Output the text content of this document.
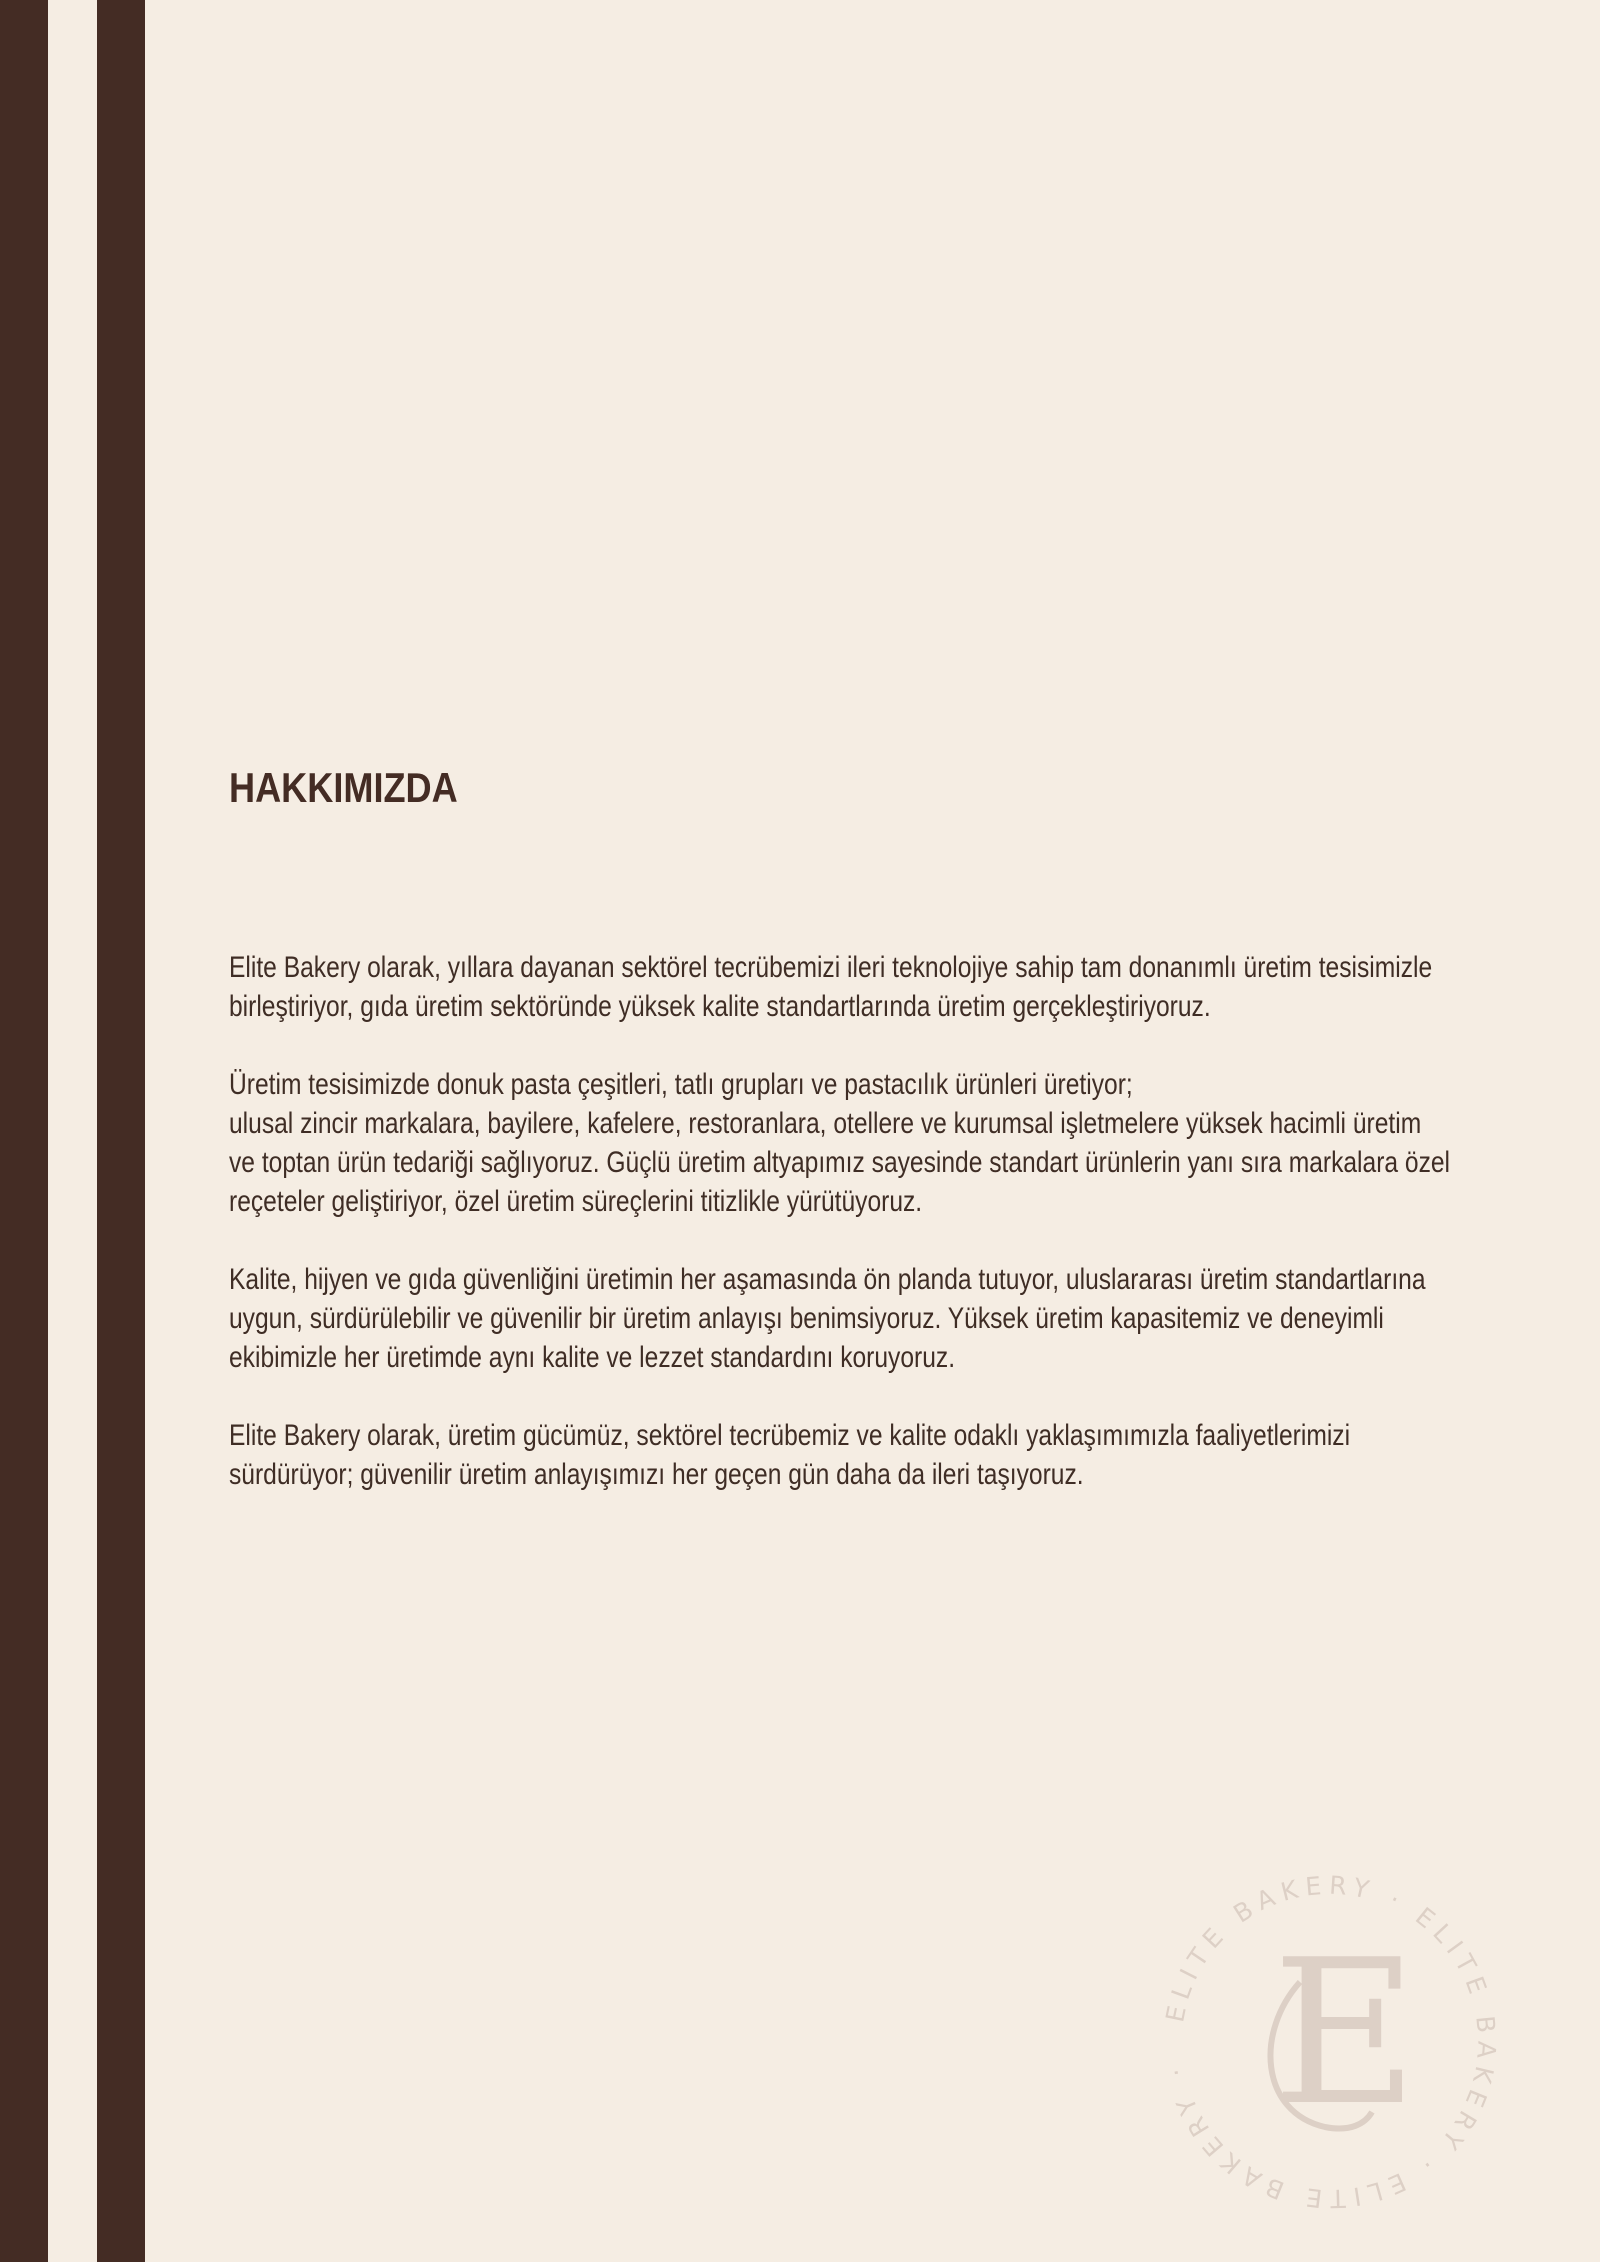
HAKKIMIZDA

Elite Bakery olarak, yıllara dayanan sektörel tecrübemizi ileri teknolojiye sahip tam donanımlı üretim tesisimizle
birleştiriyor, gıda üretim sektöründe yüksek kalite standartlarında üretim gerçekleştiriyoruz.

Üretim tesisimizde donuk pasta çeşitleri, tatlı grupları ve pastacılık ürünleri üretiyor;
ulusal zincir markalara, bayilere, kafelere, restoranlara, otellere ve kurumsal işletmelere yüksek hacimli üretim
ve toptan ürün tedariği sağlıyoruz. Güçlü üretim altyapımız sayesinde standart ürünlerin yanı sıra markalara özel
reçeteler geliştiriyor, özel üretim süreçlerini titizlikle yürütüyoruz.

Kalite, hijyen ve gıda güvenliğini üretimin her aşamasında ön planda tutuyor, uluslararası üretim standartlarına
uygun, sürdürülebilir ve güvenilir bir üretim anlayışı benimsiyoruz. Yüksek üretim kapasitemiz ve deneyimli
ekibimizle her üretimde aynı kalite ve lezzet standardını koruyoruz.

Elite Bakery olarak, üretim gücümüz, sektörel tecrübemiz ve kalite odaklı yaklaşımımızla faaliyetlerimizi
sürdürüyor; güvenilir üretim anlayışımızı her geçen gün daha da ileri taşıyoruz.

ELITE BAKERY · ELITE BAKERY · ELITE BAKERY · E
